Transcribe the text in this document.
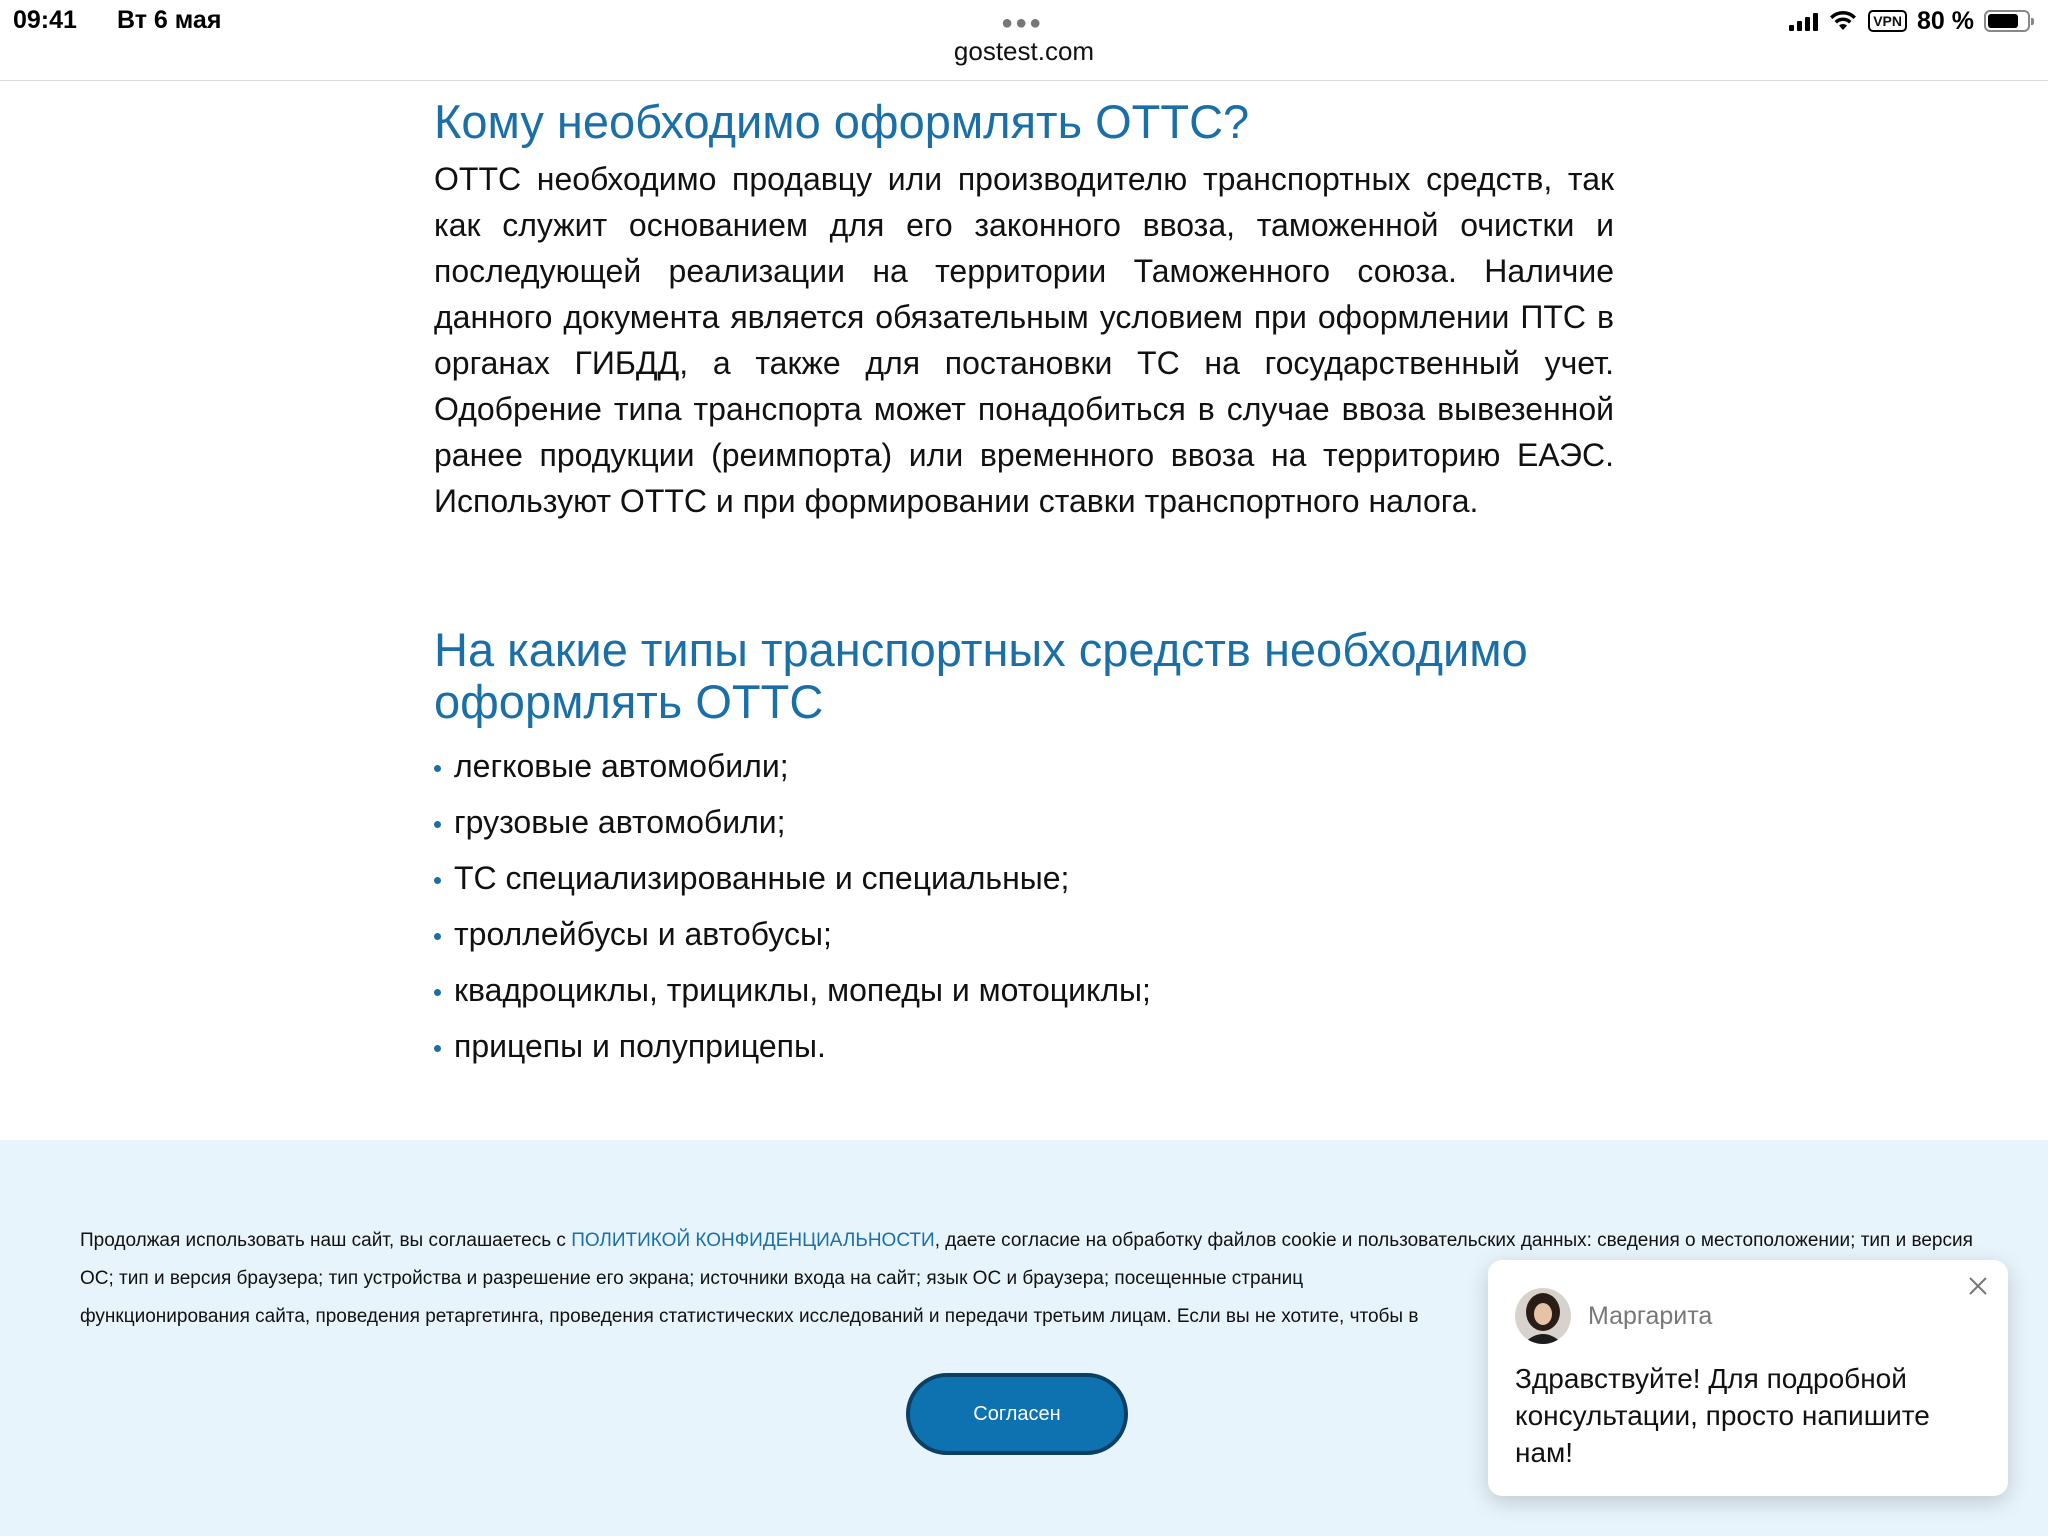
09:41 Вт 6 мая	●●●
gostest.com
VPN 80 %
Кому необходимо оформлять ОТТС?

ОТТС необходимо продавцу или производителю транспортных средств, так как служит основанием для его законного ввоза, таможенной очистки и последующей реализации на территории Таможенного союза. Наличие данного документа является обязательным условием при оформлении ПТС в органах ГИБДД, а также для постановки ТС на государственный учет. Одобрение типа транспорта может понадобиться в случае ввоза вывезенной ранее продукции (реимпорта) или временного ввоза на территорию ЕАЭС. Используют ОТТС и при формировании ставки транспортного налога.

На какие типы транспортных средств необходимо оформлять ОТТС
легковые автомобили;
грузовые автомобили;
ТС специализированные и специальные;
троллейбусы и автобусы;
квадроциклы, трициклы, мопеды и мотоциклы;
прицепы и полуприцепы.
Продолжая использовать наш сайт, вы соглашаетесь с ПОЛИТИКОЙ КОНФИДЕНЦИАЛЬНОСТИ, даете согласие на обработку файлов cookie и пользовательских данных: сведения о местоположении; тип и версия ОС; тип и версия браузера; тип устройства и разрешение его экрана; источники входа на сайт; язык ОС и браузера; посещенные страниц
функционирования сайта, проведения ретаргетинга, проведения статистических исследований и передачи третьим лицам. Если вы не хотите, чтобы в
Согласен
Маргарита
Здравствуйте! Для подробной консультации, просто напишите нам!
